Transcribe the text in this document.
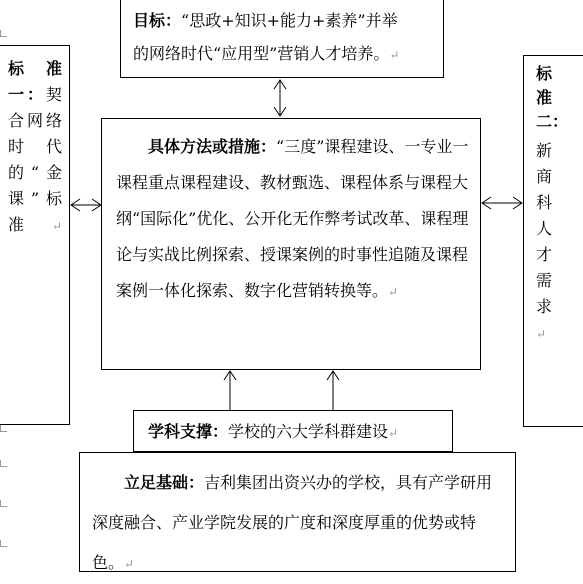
目标：“思政+知识+能力+素养”并举
的网络时代“应用型”营销人才培养。↵
标准一：契合网络时代的“金课”标准↵
标
准
二：
新商科人才需求↵
具体方法或措施：“三度”课程建设、一专业一课程重点课程建设、教材甄选、课程体系与课程大纲“国际化”优化、公开化无作弊考试改革、课程理论与实战比例探索、授课案例的时事性追随及课程案例一体化探索、数字化营销转换等。↵
学科支撑：学校的六大学科群建设↵
立足基础：吉利集团出资兴办的学校，具有产学研用深度融合、产业学院发展的广度和深度厚重的优势或特色。↵
